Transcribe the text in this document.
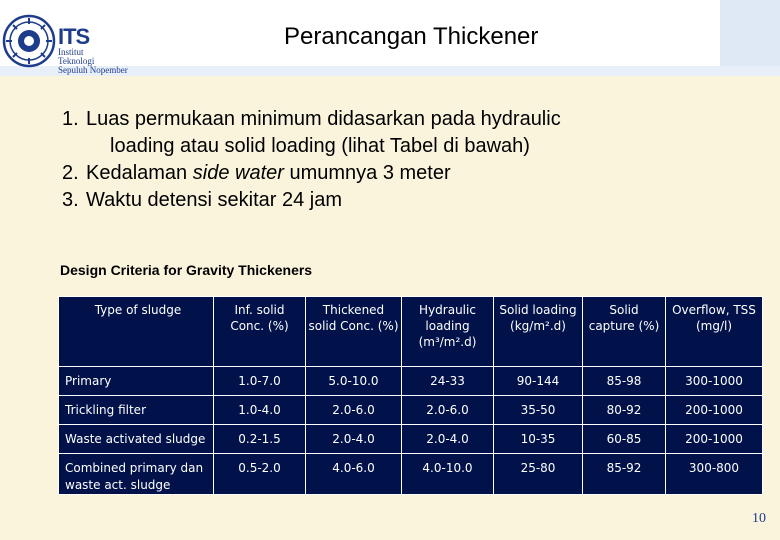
ITS
Institut
Teknologi
Sepuluh Nopember
Perancangan Thickener
1. Luas permukaan minimum didasarkan pada hydraulic
loading atau solid loading (lihat Tabel di bawah)
2. Kedalaman side water umumnya 3 meter
3. Waktu detensi sekitar 24 jam
Design Criteria for Gravity Thickeners
Type of sludge	Inf. solid Conc. (%)	Thickened solid Conc. (%)	Hydraulic loading (m³/m².d)	Solid loading (kg/m².d)	Solid capture (%)	Overflow, TSS (mg/l)
Primary	1.0-7.0	5.0-10.0	24-33	90-144	85-98	300-1000
Trickling filter	1.0-4.0	2.0-6.0	2.0-6.0	35-50	80-92	200-1000
Waste activated sludge	0.2-1.5	2.0-4.0	2.0-4.0	10-35	60-85	200-1000
Combined primary dan waste act. sludge	0.5-2.0	4.0-6.0	4.0-10.0	25-80	85-92	300-800
10
